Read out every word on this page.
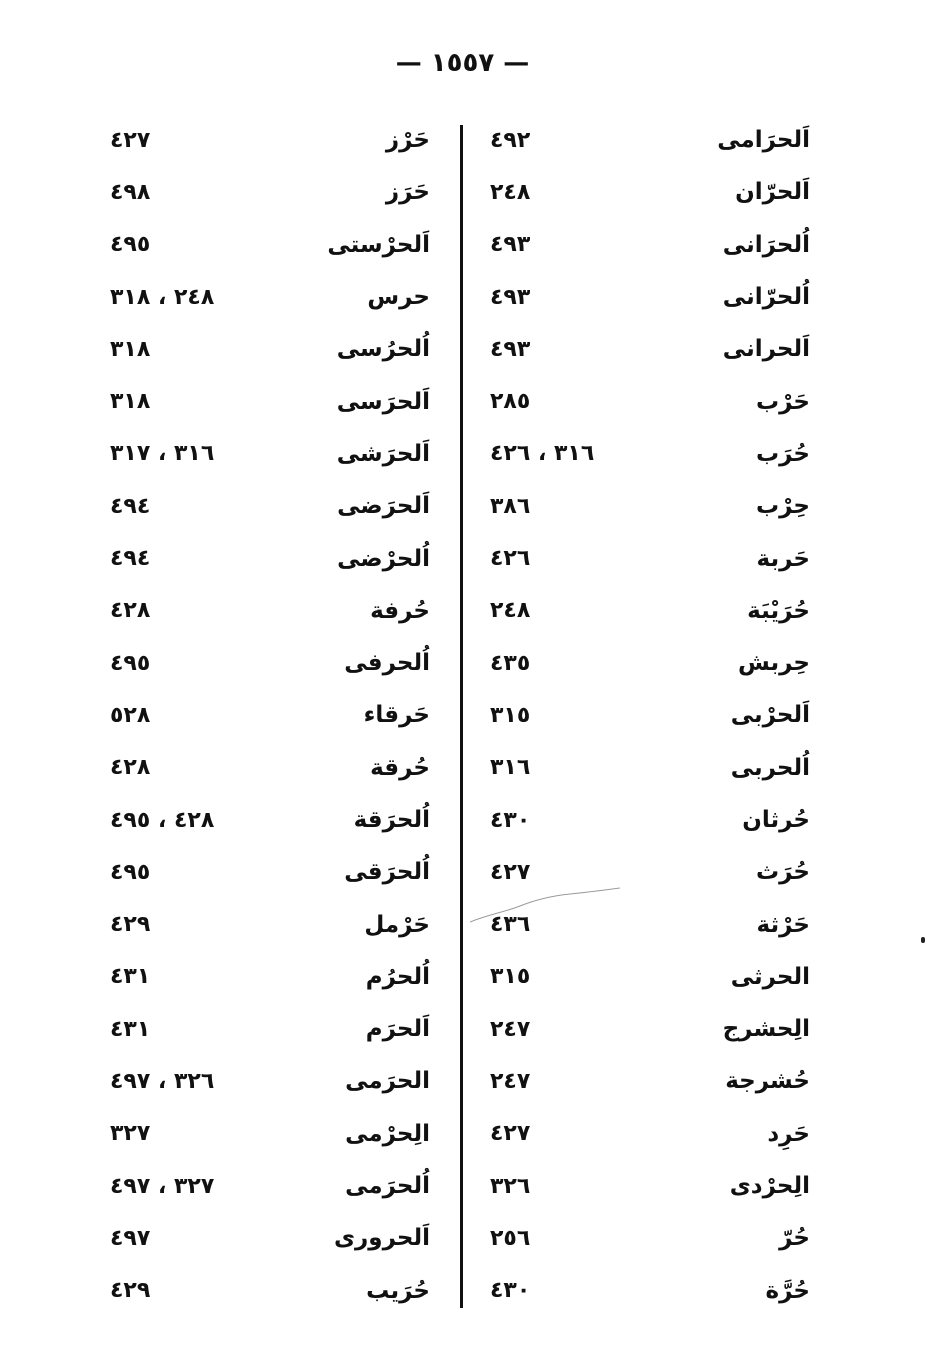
— ١٥٥٧ —
اَلحرَامى
٤٩٢
اَلحرّان
٢٤٨
اُلحرَانى
٤٩٣
اُلحرّانى
٤٩٣
اَلحرانى
٤٩٣
حَرْب
٢٨٥
حُرَب
٣١٦ ، ٤٢٦
حِرْب
٣٨٦
حَربة
٤٢٦
حُرَيْبَة
٢٤٨
حِربش
٤٣٥
اَلحرْبى
٣١٥
اُلحربى
٣١٦
حُرثان
٤٣٠
حُرَث
٤٢٧
حَرْثة
٤٣٦
الحرثى
٣١٥
الِحشرج
٢٤٧
حُشرجة
٢٤٧
حَرِد
٤٢٧
الِحرْدى
٣٢٦
حُرّ
٢٥٦
حُرَّة
٤٣٠
حَرْز
٤٢٧
حَرَز
٤٩٨
اَلحرْستى
٤٩٥
حرس
٢٤٨ ، ٣١٨
اُلحرُسى
٣١٨
اَلحرَسى
٣١٨
اَلحرَشى
٣١٦ ، ٣١٧
اَلحرَضى
٤٩٤
اُلحرْضى
٤٩٤
حُرفة
٤٢٨
اُلحرفى
٤٩٥
حَرقاء
٥٢٨
حُرقة
٤٢٨
اُلحرَقة
٤٢٨ ، ٤٩٥
اُلحرَقى
٤٩٥
حَرْمل
٤٢٩
اُلحرُم
٤٣١
اَلحرَم
٤٣١
الحرَمى
٣٢٦ ، ٤٩٧
الِحرْمى
٣٢٧
اُلحرَمى
٣٢٧ ، ٤٩٧
اَلحرورى
٤٩٧
حُرَيب
٤٢٩
